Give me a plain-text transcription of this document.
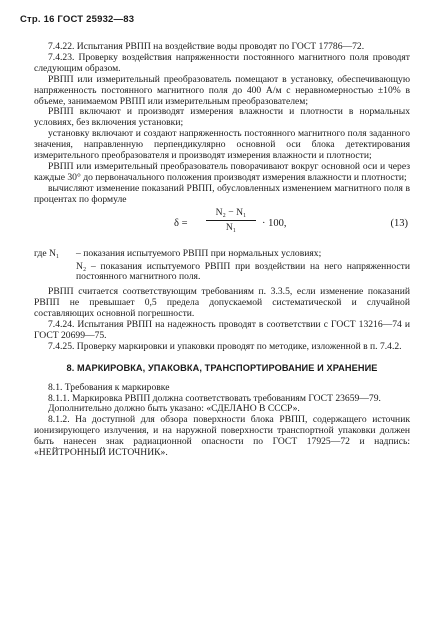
Стр. 16 ГОСТ 25932—83

7.4.22. Испытания РВПП на воздействие воды проводят по ГОСТ 17786—72.

7.4.23. Проверку воздействия напряженности постоянного магнитного поля проводят следующим образом.

РВПП или измерительный преобразователь помещают в установку, обеспечивающую напряженность постоянного магнитного поля до 400 А/м с неравномерностью ±10% в объеме, занимаемом РВПП или измерительным преобразователем;

РВПП включают и производят измерения влажности и плотности в нормальных условиях, без включения установки;

установку включают и создают напряженность постоянного магнитного поля заданного значения, направленную перпендикулярно основной оси блока детектирования измерительного преобразователя и производят измерения влажности и плотности;

РВПП или измерительный преобразователь поворачивают вокруг основной оси и через каждые 30° до первоначального положения производят измерения влажности и плотности;

вычисляют изменение показаний РВПП, обусловленных изменением магнитного поля в процентах по формуле

$\delta = \frac{\text{N₂ − N₁}}{\text{N₁}} \cdot 100$,	(13)

где N₁ – показания испытуемого РВПП при нормальных условиях;

N₂ – показания испытуемого РВПП при воздействии на него напряженности постоянного магнитного поля.

РВПП считается соответствующим требованиям п. 3.3.5, если изменение показаний РВПП не превышает 0,5 предела допускаемой систематической и случайной составляющих основной погрешности.

7.4.24. Испытания РВПП на надежность проводят в соответствии с ГОСТ 13216—74 и ГОСТ 20699—75.

7.4.25. Проверку маркировки и упаковки проводят по методике, изложенной в п. 7.4.2.

8. МАРКИРОВКА, УПАКОВКА, ТРАНСПОРТИРОВАНИЕ И ХРАНЕНИЕ

8.1. Требования к маркировке

8.1.1. Маркировка РВПП должна соответствовать требованиям ГОСТ 23659—79.

Дополнительно должно быть указано: «СДЕЛАНО В СССР».

8.1.2. На доступной для обзора поверхности блока РВПП, содержащего источник ионизирующего излучения, и на наружной поверхности транспортной упаковки должен быть нанесен знак радиационной опасности по ГОСТ 17925—72 и надпись: «НЕЙТРОННЫЙ ИСТОЧНИК».
